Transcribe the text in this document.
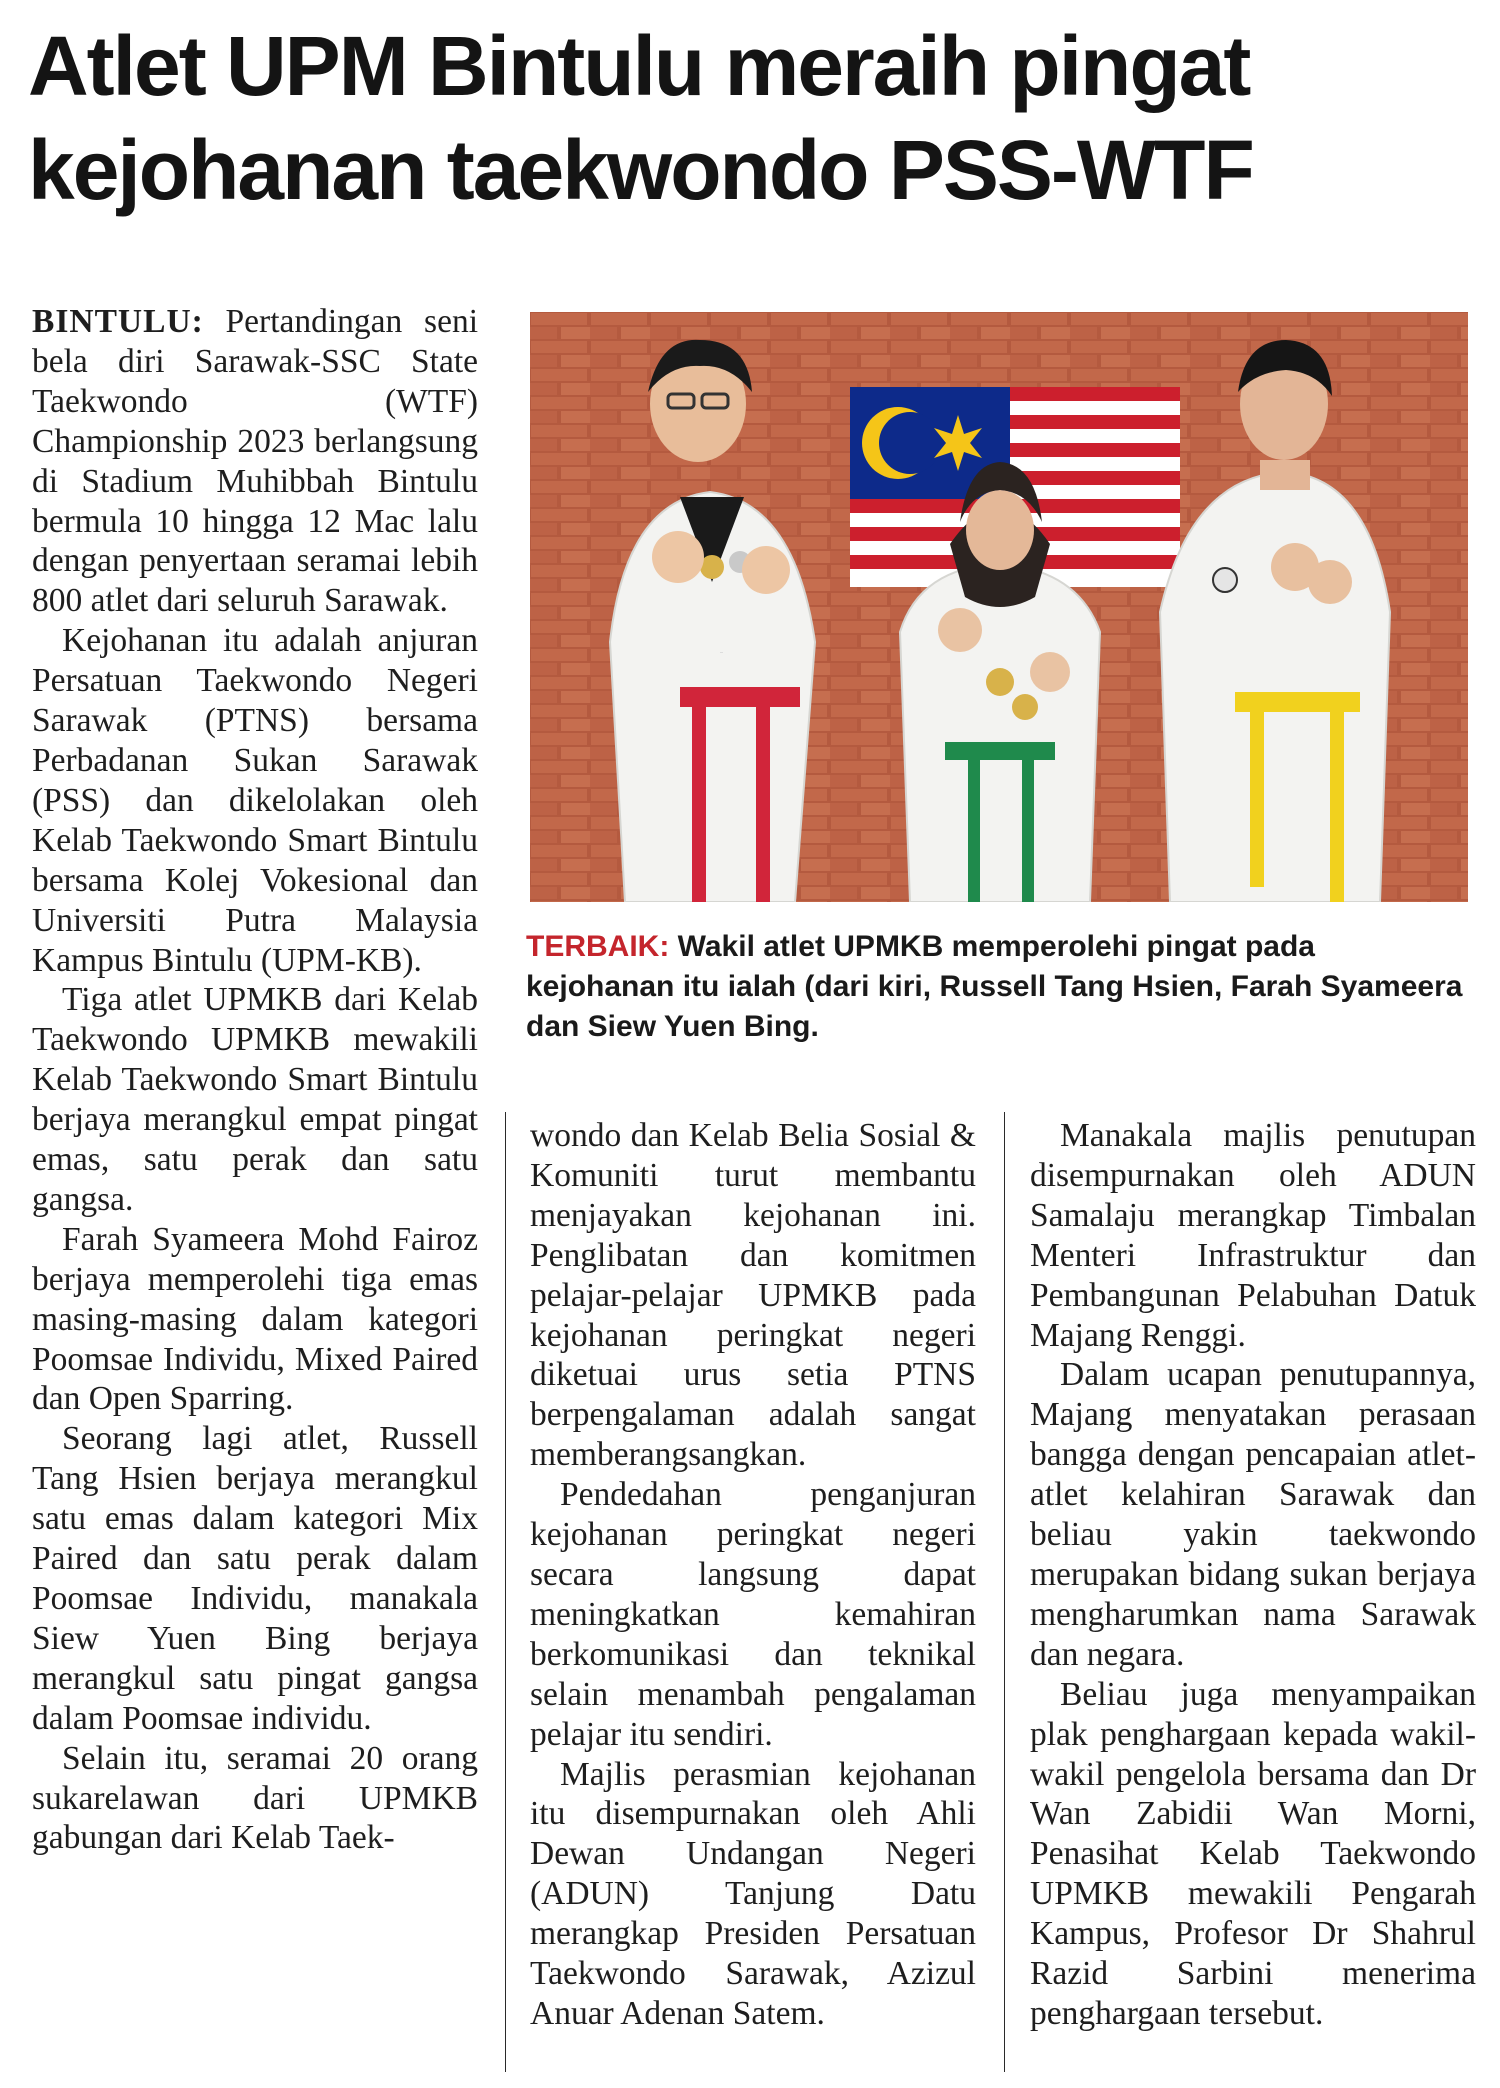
Atlet UPM Bintulu meraih pingat
kejohanan taekwondo PSS-WTF

BINTULU: Pertandingan seni bela diri Sarawak-SSC State Taekwondo (WTF) Championship 2023 berlangsung di Stadium Muhibbah Bintulu bermula 10 hingga 12 Mac lalu dengan penyertaan seramai lebih 800 atlet dari seluruh Sarawak.

Kejohanan itu adalah anjuran Persatuan Taekwondo Negeri Sarawak (PTNS) bersama Perbadanan Sukan Sarawak (PSS) dan dikelolakan oleh Kelab Taekwondo Smart Bintulu bersama Kolej Vokesional dan Universiti Putra Malaysia Kampus Bintulu (UPM-KB).

Tiga atlet UPMKB dari Kelab Taekwondo UPMKB mewakili Kelab Taekwondo Smart Bintulu berjaya merangkul empat pingat emas, satu perak dan satu gangsa.

Farah Syameera Mohd Fairoz berjaya memperolehi tiga emas masing-masing dalam kategori Poomsae Individu, Mixed Paired dan Open Sparring.

Seorang lagi atlet, Russell Tang Hsien berjaya merangkul satu emas dalam kategori Mix Paired dan satu perak dalam Poomsae Individu, manakala Siew Yuen Bing berjaya merangkul satu pingat gangsa dalam Poomsae individu.

Selain itu, seramai 20 orang sukarelawan dari UPMKB gabungan dari Kelab Taek-

TERBAIK: Wakil atlet UPMKB memperolehi pingat pada kejohanan itu ialah (dari kiri, Russell Tang Hsien, Farah Syameera dan Siew Yuen Bing.

wondo dan Kelab Belia Sosial & Komuniti turut membantu menjayakan kejohanan ini. Penglibatan dan komitmen pelajar-pelajar UPMKB pada kejohanan peringkat negeri diketuai urus setia PTNS berpengalaman adalah sangat memberangsangkan.

Pendedahan penganjuran kejohanan peringkat negeri secara langsung dapat meningkatkan kemahiran berkomunikasi dan teknikal selain menambah pengalaman pelajar itu sendiri.

Majlis perasmian kejohanan itu disempurnakan oleh Ahli Dewan Undangan Negeri (ADUN) Tanjung Datu merangkap Presiden Persatuan Taekwondo Sarawak, Azizul Anuar Adenan Satem.

Manakala majlis penutupan disempurnakan oleh ADUN Samalaju merangkap Timbalan Menteri Infrastruktur dan Pembangunan Pelabuhan Datuk Majang Renggi.

Dalam ucapan penutupannya, Majang menyatakan perasaan bangga dengan pencapaian atlet-atlet kelahiran Sarawak dan beliau yakin taekwondo merupakan bidang sukan berjaya mengharumkan nama Sarawak dan negara.

Beliau juga menyampaikan plak penghargaan kepada wakil-wakil pengelola bersama dan Dr Wan Zabidii Wan Morni, Penasihat Kelab Taekwondo UPMKB mewakili Pengarah Kampus, Profesor Dr Shahrul Razid Sarbini menerima penghargaan tersebut.
